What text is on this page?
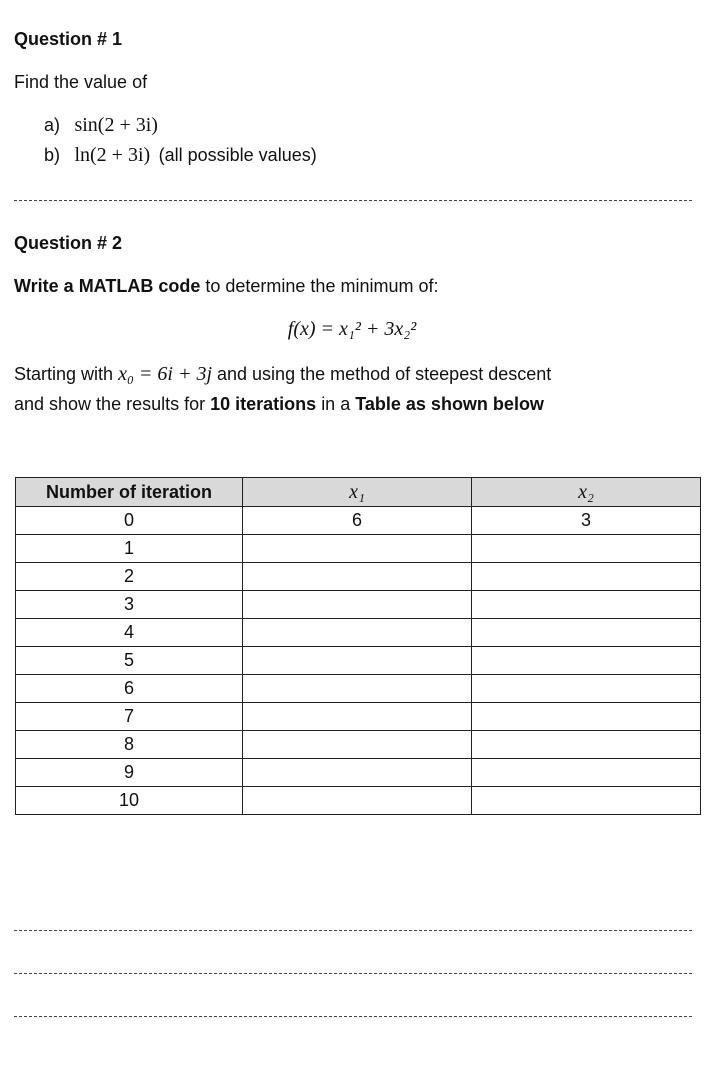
Question # 1
Find the value of
a) sin(2 + 3i)
b) ln(2 + 3i) (all possible values)
Question # 2
Write a MATLAB code to determine the minimum of:
f(x) = x₁² + 3x₂²
Starting with x₀ = 6i + 3j and using the method of steepest descent
and show the results for 10 iterations in a Table as shown below
Number of iteration	x₁	x₂
0	6	3
1		
2		
3		
4		
5		
6		
7		
8		
9		
10		
